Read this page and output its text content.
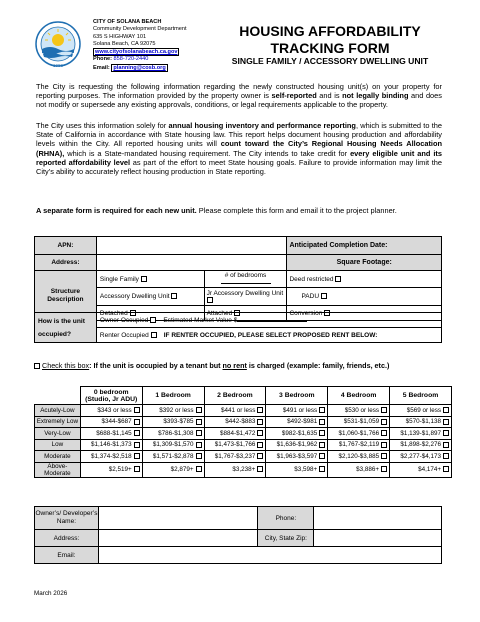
1986
CITY OF SOLANA BEACH
Community Development Department
635 S HIGHWAY 101
Solana Beach, CA 92075
www.cityofsolanabeach.ca.gov
Phone: 858-720-2440
Email: planning@cosb.org
HOUSING AFFORDABILITY
TRACKING FORM
SINGLE FAMILY / ACCESSORY DWELLING UNIT
The City is requesting the following information regarding the newly constructed housing unit(s) on your property for reporting purposes. The information provided by the property owner is self-reported and is not legally binding and does not modify or supersede any existing approvals, conditions, or legal requirements applicable to the property.
The City uses this information solely for annual housing inventory and performance reporting, which is submitted to the State of California in accordance with State housing law. This report helps document housing production and affordability levels within the City. All reported housing units will count toward the City’s Regional Housing Needs Allocation (RHNA), which is a State-mandated housing requirement. The City intends to take credit for every eligible unit and its reported affordability level as part of the effort to meet State housing goals. Failure to provide information may limit the City’s ability to accurately reflect housing production in State reporting.
A separate form is required for each new unit. Please complete this form and email it to the project planner.
APN:			Anticipated Completion Date:
Address:			Square Footage:
Structure Description	Single Family	# of bedrooms	Deed restricted
	Accessory Dwelling Unit	Jr Accessory Dwelling Unit	PADU
	Detached	Attached	Conversion
How is the unit occupied?	Owner Occupied Estimated Market Value $
Renter Occupied IF RENTER OCCUPIED, PLEASE SELECT PROPOSED RENT BELOW:
Check this box: If the unit is occupied by a tenant but no rent is charged (example: family, friends, etc.)
	0 bedroom (Studio, Jr ADU)	1 Bedroom	2 Bedroom	3 Bedroom	4 Bedroom	5 Bedroom
Acutely-Low	$343 or less	$392 or less	$441 or less	$491 or less	$530 or less	$569 or less
Extremely Low	$344-$687	$393-$785	$442-$883	$492-$981	$531-$1,059	$570-$1,138
Very-Low	$688-$1,145	$786-$1,308	$884-$1,472	$982-$1,635	$1,060-$1,766	$1,139-$1,897
Low	$1,146-$1,373	$1,309-$1,570	$1,473-$1,766	$1,636-$1,962	$1,767-$2,119	$1,898-$2,276
Moderate	$1,374-$2,518	$1,571-$2,878	$1,767-$3,237	$1,963-$3,597	$2,120-$3,885	$2,277-$4,173
Above-Moderate	$2,519+	$2,879+	$3,238+	$3,598+	$3,886+	$4,174+
Owner’s/ Developer’s Name:		Phone:	
Address:		City, State Zip:	
Email:			
March 2026
